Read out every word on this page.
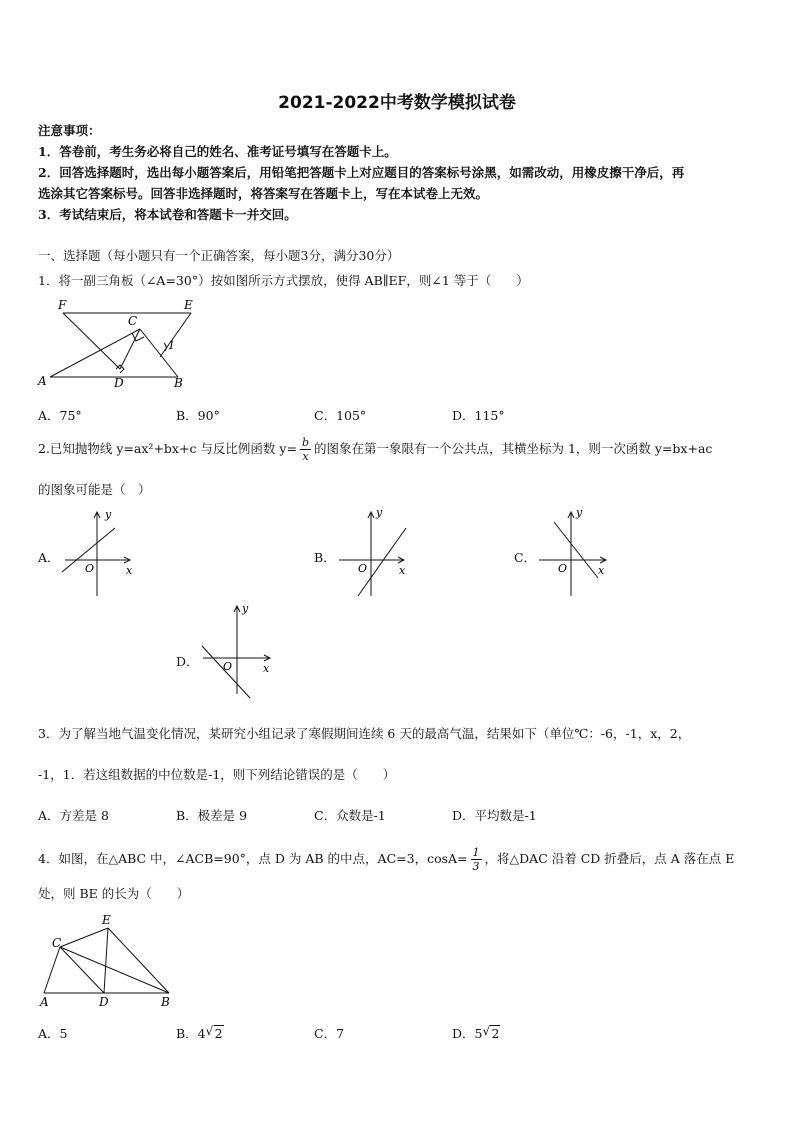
2021-2022中考数学模拟试卷
注意事项：
1．答卷前，考生务必将自己的姓名、准考证号填写在答题卡上。
2．回答选择题时，选出每小题答案后，用铅笔把答题卡上对应题目的答案标号涂黑，如需改动，用橡皮擦干净后，再
选涂其它答案标号。回答非选择题时，将答案写在答题卡上，写在本试卷上无效。
3．考试结束后，将本试卷和答题卡一并交回。
一、选择题（每小题只有一个正确答案，每小题3分，满分30分）
1．将一副三角板（∠A=30°）按如图所示方式摆放，使得 AB∥EF，则∠1 等于（　　）
F	E
C
1
A	D	B
A．75°	B．90°	C．105°	D．115°
2.已知抛物线 y=ax²+bx+c 与反比例函数 $y= \frac{b}{x}$ 的图象在第一象限有一个公共点，其横坐标为 1，则一次函数 y=bx+ac
的图象可能是（　）
A．
y
x
O
B．
y
x
O
C．
y
x
O
D．
y
x
O
3．为了解当地气温变化情况，某研究小组记录了寒假期间连续 6 天的最高气温，结果如下（单位℃：-6，-1，x，2，
-1，1．若这组数据的中位数是-1，则下列结论错误的是（　　）
A．方差是 8	B．极差是 9	C．众数是-1	D．平均数是-1
4．如图，在△ABC 中，∠ACB=90°，点 D 为 AB 的中点，AC=3，$\cos A= \frac{1}{3}$ ，将△DAC 沿着 CD 折叠后，点 A 落在点 E
处，则 BE 的长为（　　）
E
C
A	D	B
A．5	B．4 √ 2	C．7	D．5 √ 2
